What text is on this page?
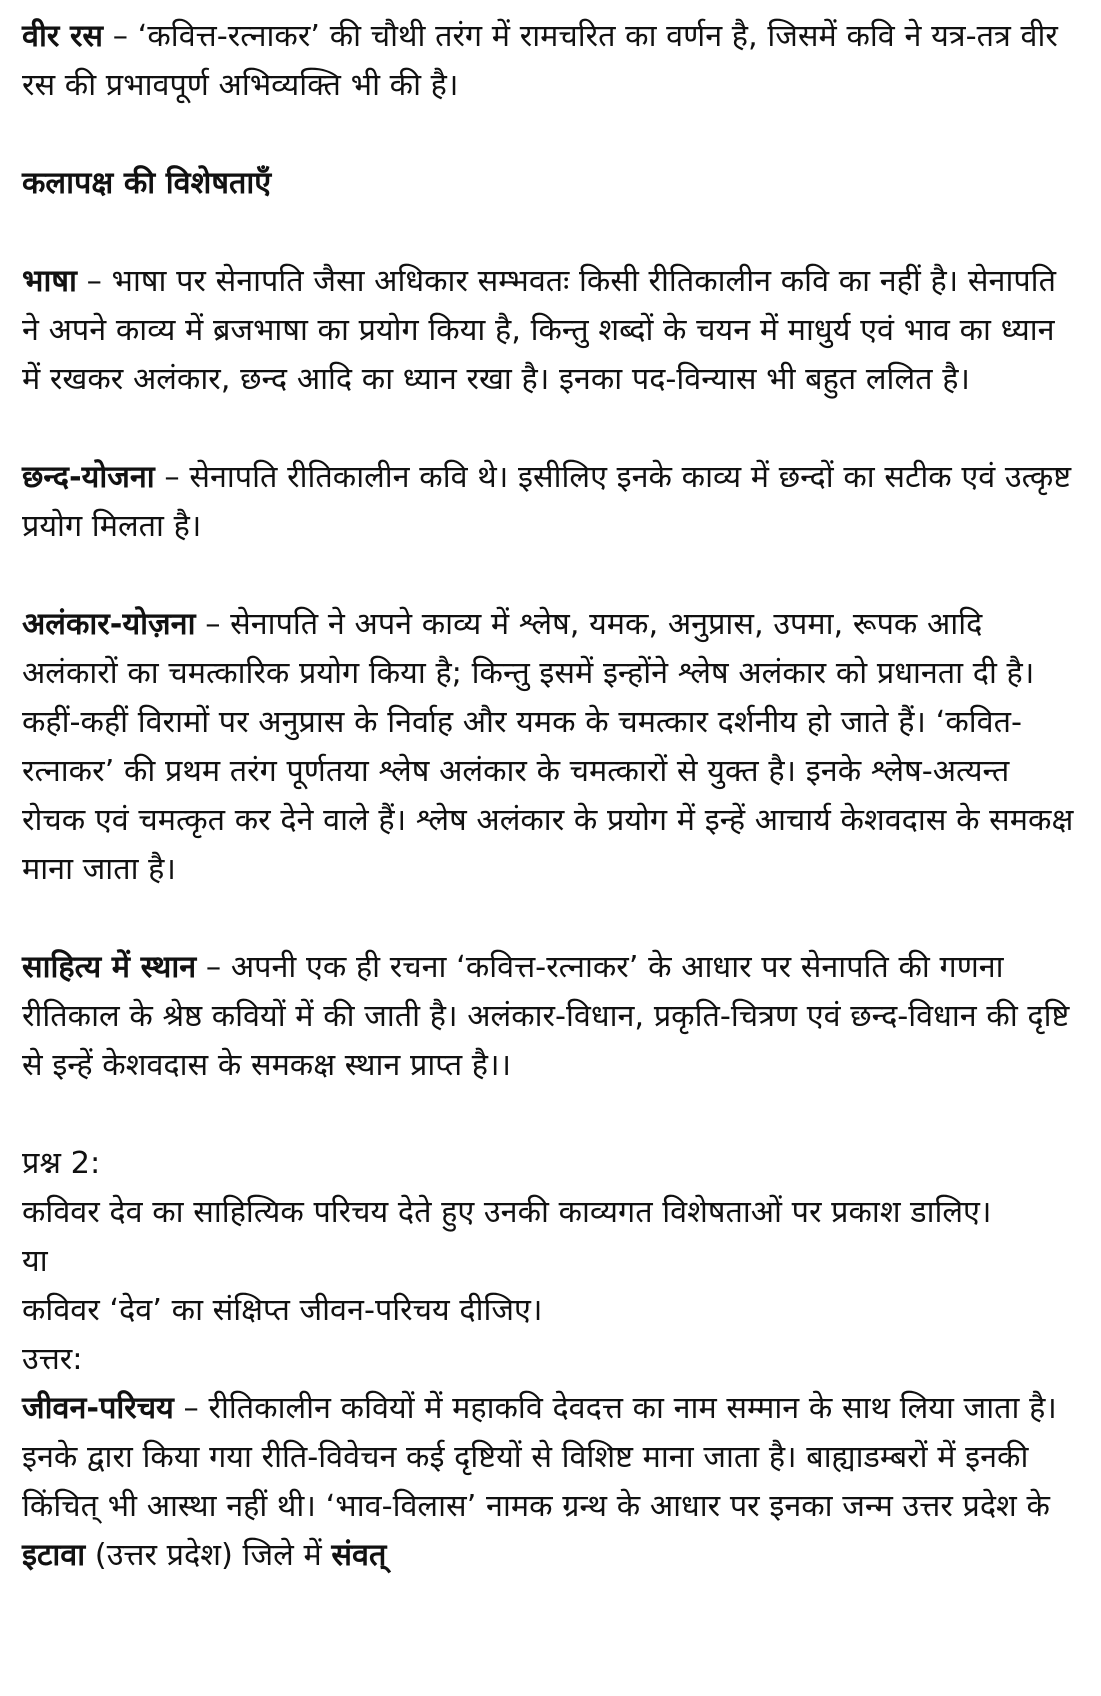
वीर रस – ‘कवित्त-रत्नाकर’ की चौथी तरंग में रामचरित का वर्णन है, जिसमें कवि ने यत्र-तत्र वीर रस की प्रभावपूर्ण अभिव्यक्ति भी की है।

कलापक्ष की विशेषताएँ

भाषा – भाषा पर सेनापति जैसा अधिकार सम्भवतः किसी रीतिकालीन कवि का नहीं है। सेनापति ने अपने काव्य में ब्रजभाषा का प्रयोग किया है, किन्तु शब्दों के चयन में माधुर्य एवं भाव का ध्यान में रखकर अलंकार, छन्द आदि का ध्यान रखा है। इनका पद-विन्यास भी बहुत ललित है।

छन्द-योजना – सेनापति रीतिकालीन कवि थे। इसीलिए इनके काव्य में छन्दों का सटीक एवं उत्कृष्ट प्रयोग मिलता है।

अलंकार-योज़ना – सेनापति ने अपने काव्य में श्लेष, यमक, अनुप्रास, उपमा, रूपक आदि अलंकारों का चमत्कारिक प्रयोग किया है; किन्तु इसमें इन्होंने श्लेष अलंकार को प्रधानता दी है। कहीं-कहीं विरामों पर अनुप्रास के निर्वाह और यमक के चमत्कार दर्शनीय हो जाते हैं। ‘कवित-रत्नाकर’ की प्रथम तरंग पूर्णतया श्लेष अलंकार के चमत्कारों से युक्त है। इनके श्लेष-अत्यन्त रोचक एवं चमत्कृत कर देने वाले हैं। श्लेष अलंकार के प्रयोग में इन्हें आचार्य केशवदास के समकक्ष माना जाता है।

साहित्य में स्थान – अपनी एक ही रचना ‘कवित्त-रत्नाकर’ के आधार पर सेनापति की गणना रीतिकाल के श्रेष्ठ कवियों में की जाती है। अलंकार-विधान, प्रकृति-चित्रण एवं छन्द-विधान की दृष्टि से इन्हें केशवदास के समकक्ष स्थान प्राप्त है।।

प्रश्न 2:

कविवर देव का साहित्यिक परिचय देते हुए उनकी काव्यगत विशेषताओं पर प्रकाश डालिए।

या

कविवर ‘देव’ का संक्षिप्त जीवन-परिचय दीजिए।

उत्तर:

जीवन-परिचय – रीतिकालीन कवियों में महाकवि देवदत्त का नाम सम्मान के साथ लिया जाता है। इनके द्वारा किया गया रीति-विवेचन कई दृष्टियों से विशिष्ट माना जाता है। बाह्याडम्बरों में इनकी किंचित् भी आस्था नहीं थी। ‘भाव-विलास’ नामक ग्रन्थ के आधार पर इनका जन्म उत्तर प्रदेश के इटावा (उत्तर प्रदेश) जिले में संवत्
